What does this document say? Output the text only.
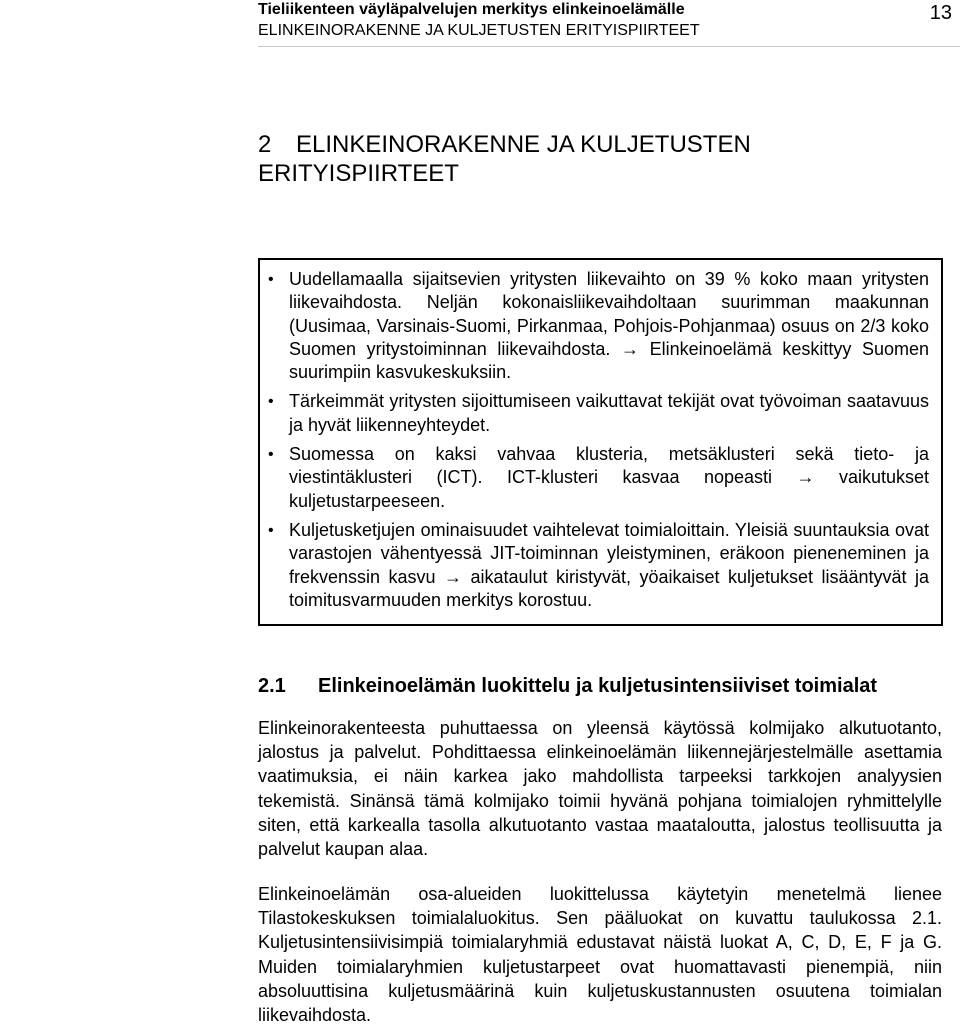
Tieliikenteen väyläpalvelujen merkitys elinkeinoelämälle
ELINKEINORAKENNE JA KULJETUSTEN ERITYISPIIRTEET
13
2 ELINKEINORAKENNE JA KULJETUSTEN ERITYISPIIRTEET
• Uudellamaalla sijaitsevien yritysten liikevaihto on 39 % koko maan yritysten liikevaihdosta. Neljän kokonaisliikevaihdoltaan suurimman maakunnan (Uusimaa, Varsinais-Suomi, Pirkanmaa, Pohjois-Pohjanmaa) osuus on 2/3 koko Suomen yritystoiminnan liikevaihdosta. → Elinkeinoelämä keskittyy Suomen suurimpiin kasvukeskuksiin.
• Tärkeimmät yritysten sijoittumiseen vaikuttavat tekijät ovat työvoiman saatavuus ja hyvät liikenneyhteydet.
• Suomessa on kaksi vahvaa klusteria, metsäklusteri sekä tieto- ja viestintäklusteri (ICT). ICT-klusteri kasvaa nopeasti → vaikutukset kuljetustarpeeseen.
• Kuljetusketjujen ominaisuudet vaihtelevat toimialoittain. Yleisiä suuntauksia ovat varastojen vähentyessä JIT-toiminnan yleistyminen, eräkoon pieneneminen ja frekvenssin kasvu → aikataulut kiristyvät, yöaikaiset kuljetukset lisääntyvät ja toimitusvarmuuden merkitys korostuu.
2.1 Elinkeinoelämän luokittelu ja kuljetusintensiiviset toimialat

Elinkeinorakenteesta puhuttaessa on yleensä käytössä kolmijako alkutuotanto, jalostus ja palvelut. Pohdittaessa elinkeinoelämän liikennejärjestelmälle asettamia vaatimuksia, ei näin karkea jako mahdollista tarpeeksi tarkkojen analyysien tekemistä. Sinänsä tämä kolmijako toimii hyvänä pohjana toimialojen ryhmittelylle siten, että karkealla tasolla alkutuotanto vastaa maataloutta, jalostus teollisuutta ja palvelut kaupan alaa.

Elinkeinoelämän osa-alueiden luokittelussa käytetyin menetelmä lienee Tilastokeskuksen toimialaluokitus. Sen pääluokat on kuvattu taulukossa 2.1. Kuljetusintensiivisimpiä toimialaryhmiä edustavat näistä luokat A, C, D, E, F ja G. Muiden toimialaryhmien kuljetustarpeet ovat huomattavasti pienempiä, niin absoluuttisina kuljetusmäärinä kuin kuljetuskustannusten osuutena toimialan liikevaihdosta.
